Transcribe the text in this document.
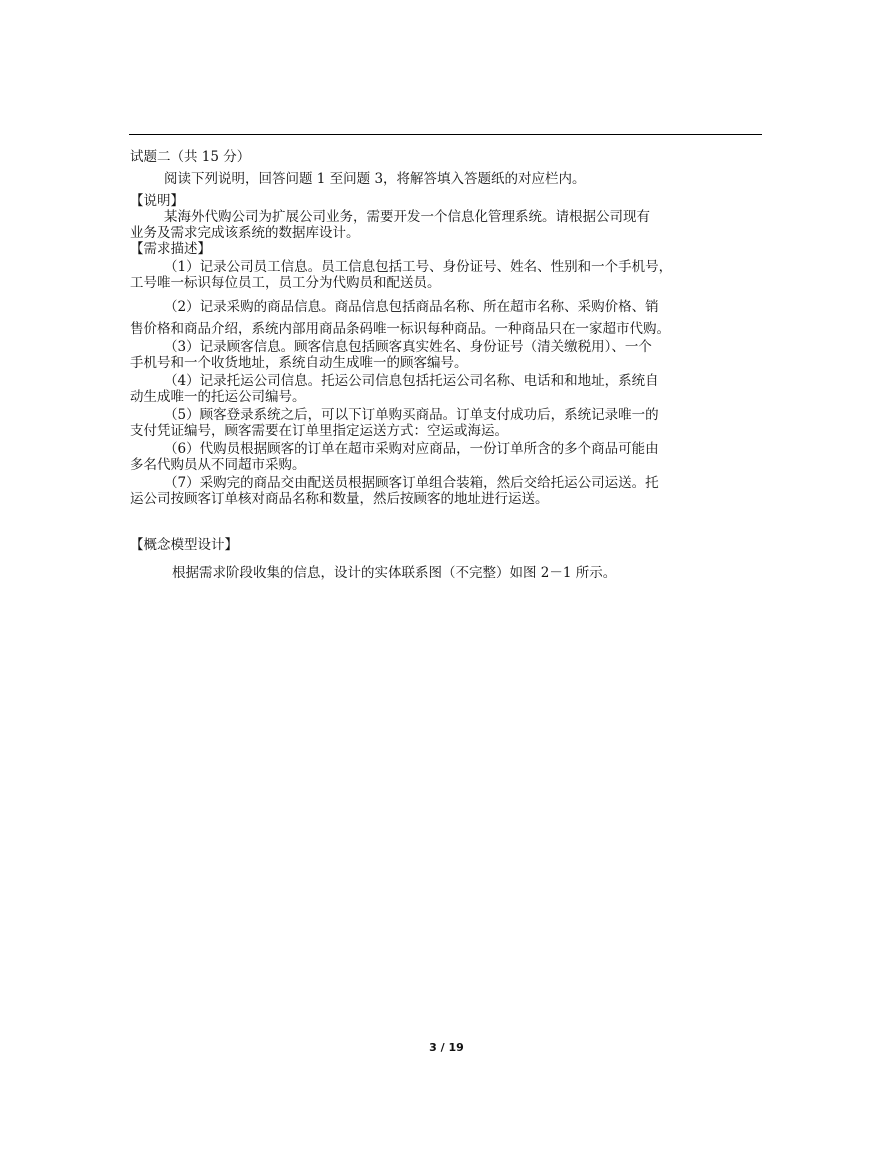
试题二（共 15 分）
阅读下列说明，回答问题 1 至问题 3，将解答填入答题纸的对应栏内。
【说明】
某海外代购公司为扩展公司业务，需要开发一个信息化管理系统。请根据公司现有
业务及需求完成该系统的数据库设计。
【需求描述】
（1）记录公司员工信息。员工信息包括工号、身份证号、姓名、性别和一个手机号，
工号唯一标识每位员工，员工分为代购员和配送员。
（2）记录采购的商品信息。商品信息包括商品名称、所在超市名称、采购价格、销
售价格和商品介绍，系统内部用商品条码唯一标识每种商品。一种商品只在一家超市代购。
（3）记录顾客信息。顾客信息包括顾客真实姓名、身份证号（清关缴税用）、一个
手机号和一个收货地址，系统自动生成唯一的顾客编号。
（4）记录托运公司信息。托运公司信息包括托运公司名称、电话和和地址，系统自
动生成唯一的托运公司编号。
（5）顾客登录系统之后，可以下订单购买商品。订单支付成功后，系统记录唯一的
支付凭证编号，顾客需要在订单里指定运送方式：空运或海运。
（6）代购员根据顾客的订单在超市采购对应商品，一份订单所含的多个商品可能由
多名代购员从不同超市采购。
（7）采购完的商品交由配送员根据顾客订单组合装箱，然后交给托运公司运送。托
运公司按顾客订单核对商品名称和数量，然后按顾客的地址进行运送。
【概念模型设计】
根据需求阶段收集的信息，设计的实体联系图（不完整）如图 2－1 所示。
3 / 19
